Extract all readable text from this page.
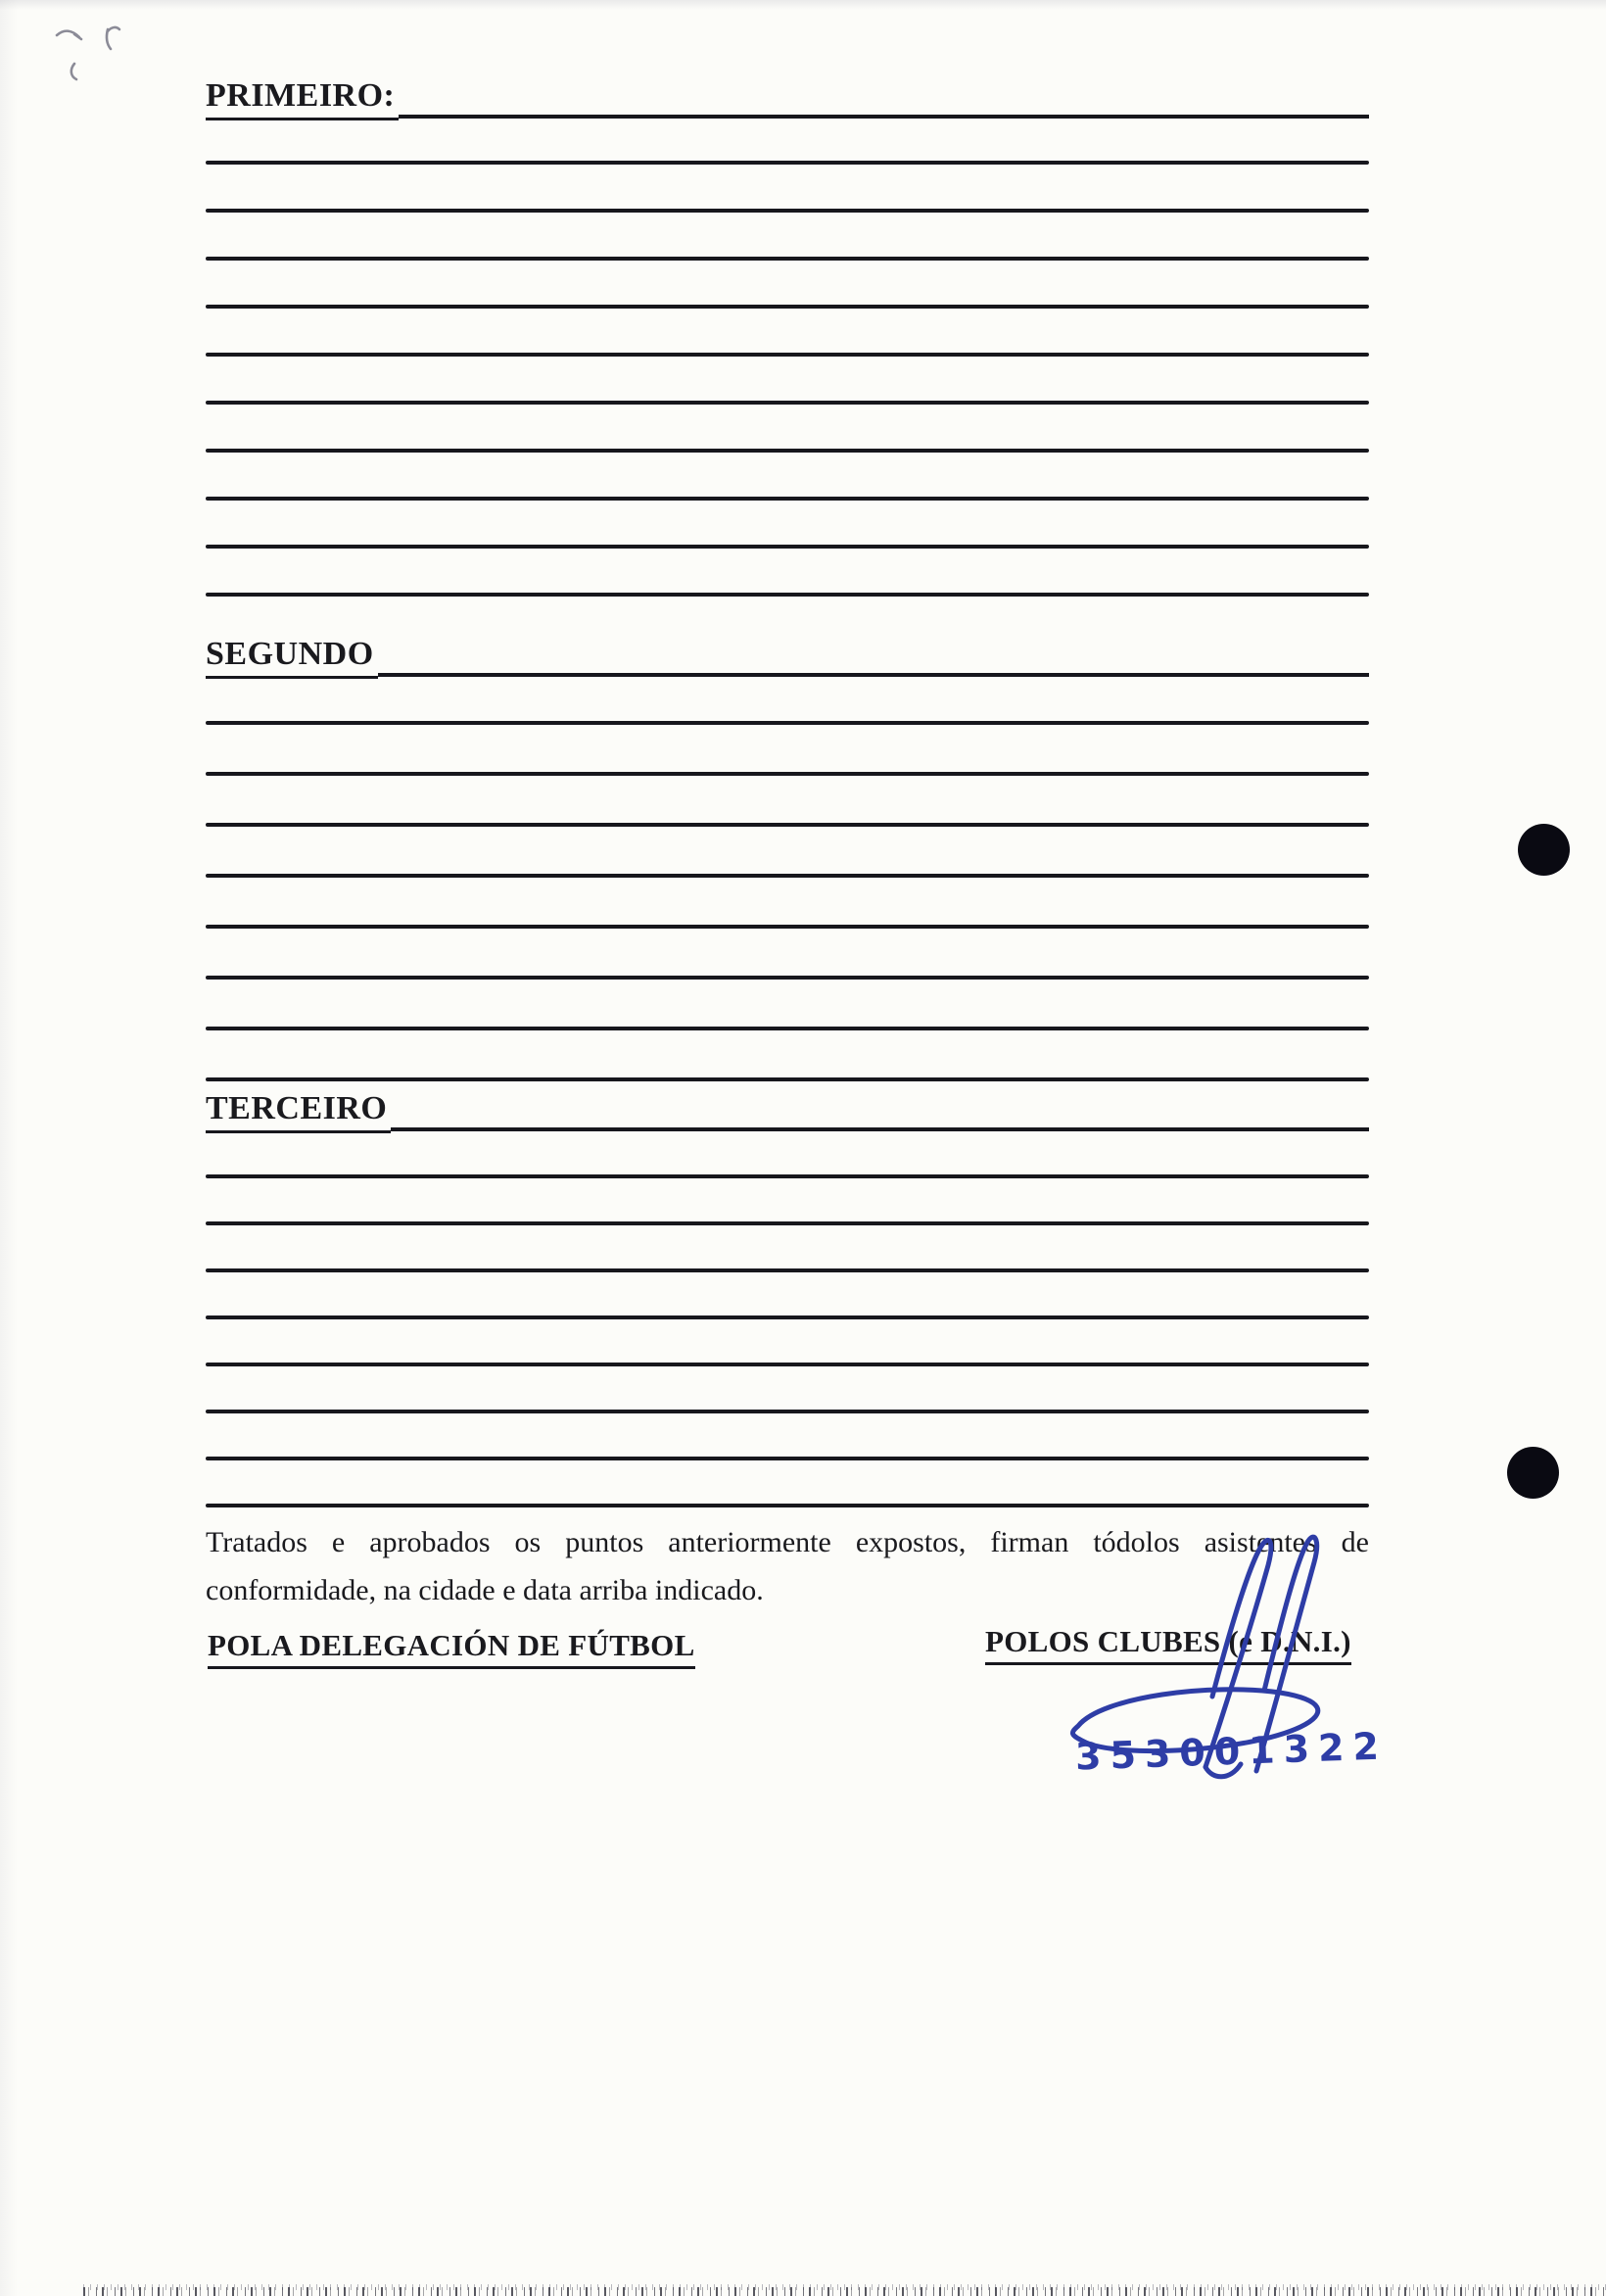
PRIMEIRO:
SEGUNDO
TERCEIRO
Tratados e aprobados os puntos anteriormente expostos, firman tódolos asistentes de
conformidade, na cidade e data arriba indicado.
POLA DELEGACIÓN DE FÚTBOL	POLOS CLUBES (e D.N.I.)
353001322
